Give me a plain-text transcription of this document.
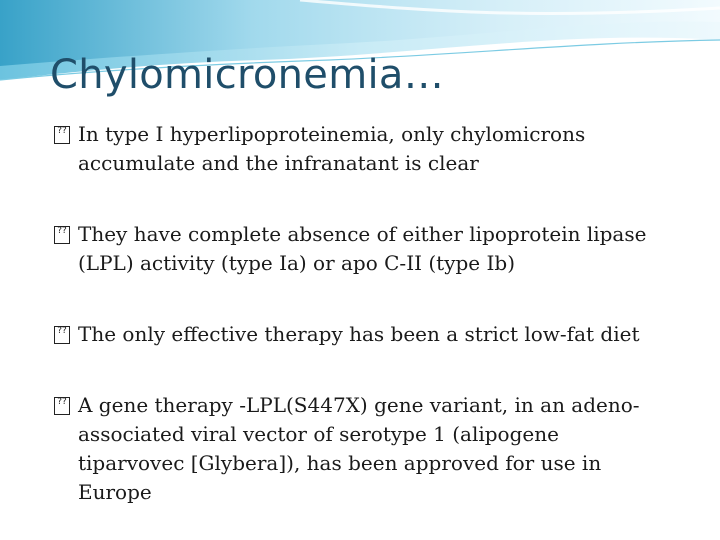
Chylomicronemia…
?? In type I hyperlipoproteinemia, only chylomicrons accumulate and the infranatant is clear
?? They have complete absence of either lipoprotein lipase (LPL) activity (type Ia) or apo C-II (type Ib)
?? The only effective therapy has been a strict low-fat diet
?? A gene therapy -LPL(S447X) gene variant, in an adeno-associated viral vector of serotype 1 (alipogene tiparvovec [Glybera]), has been approved for use in Europe
